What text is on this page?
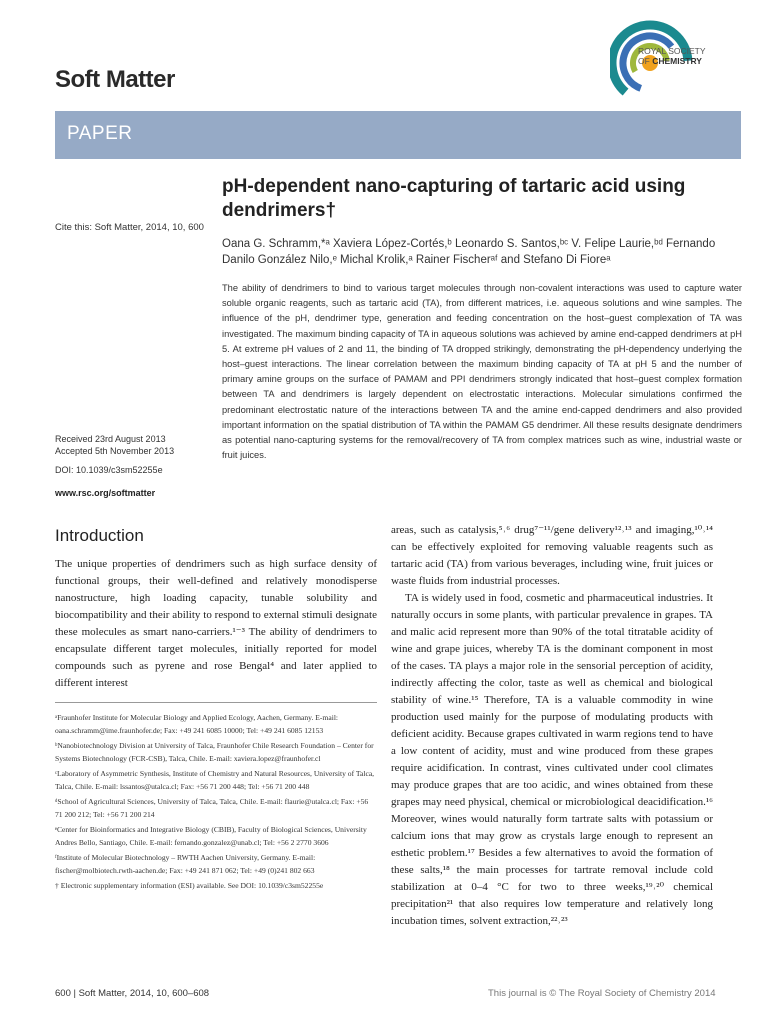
Soft Matter
ROYAL SOCIETY
OF CHEMISTRY
PAPER
pH-dependent nano-capturing of tartaric acid using dendrimers†
Cite this: Soft Matter, 2014, 10, 600
Oana G. Schramm,*ᵃ Xaviera López-Cortés,ᵇ Leonardo S. Santos,ᵇᶜ V. Felipe Laurie,ᵇᵈ Fernando Danilo González Nilo,ᵉ Michal Krolik,ᵃ Rainer Fischerᵃᶠ and Stefano Di Fioreᵃ
The ability of dendrimers to bind to various target molecules through non-covalent interactions was used to capture water soluble organic reagents, such as tartaric acid (TA), from different matrices, i.e. aqueous solutions and wine samples. The influence of the pH, dendrimer type, generation and feeding concentration on the host–guest complexation of TA was investigated. The maximum binding capacity of TA in aqueous solutions was achieved by amine end-capped dendrimers at pH 5. At extreme pH values of 2 and 11, the binding of TA dropped strikingly, demonstrating the pH-dependency underlying the host–guest interactions. The linear correlation between the maximum binding capacity of TA at pH 5 and the number of primary amine groups on the surface of PAMAM and PPI dendrimers strongly indicated that host–guest complex formation between TA and dendrimers is largely dependent on electrostatic interactions. Molecular simulations confirmed the predominant electrostatic nature of the interactions between TA and the amine end-capped dendrimers and also provided important information on the spatial distribution of TA within the PAMAM G5 dendrimer. All these results designate dendrimers as potential nano-capturing systems for the removal/recovery of TA from complex matrices such as wine, industrial waste or fruit juices.
Received 23rd August 2013
Accepted 5th November 2013
DOI: 10.1039/c3sm52255e
www.rsc.org/softmatter
Introduction

The unique properties of dendrimers such as high surface density of functional groups, their well-defined and relatively monodisperse nanostructure, high loading capacity, tunable solubility and biocompatibility and their ability to respond to external stimuli designate these molecules as smart nano-carriers.¹⁻³ The ability of dendrimers to encapsulate different target molecules, initially reported for model compounds such as pyrene and rose Bengal⁴ and later applied to different interest

ᵃFraunhofer Institute for Molecular Biology and Applied Ecology, Aachen, Germany. E-mail: oana.schramm@ime.fraunhofer.de; Fax: +49 241 6085 10000; Tel: +49 241 6085 12153
ᵇNanobiotechnology Division at University of Talca, Fraunhofer Chile Research Foundation – Center for Systems Biotechnology (FCR-CSB), Talca, Chile. E-mail: xaviera.lopez@fraunhofer.cl
ᶜLaboratory of Asymmetric Synthesis, Institute of Chemistry and Natural Resources, University of Talca, Talca, Chile. E-mail: lssantos@utalca.cl; Fax: +56 71 200 448; Tel: +56 71 200 448
ᵈSchool of Agricultural Sciences, University of Talca, Talca, Chile. E-mail: flaurie@utalca.cl; Fax: +56 71 200 212; Tel: +56 71 200 214
ᵉCenter for Bioinformatics and Integrative Biology (CBIB), Faculty of Biological Sciences, University Andres Bello, Santiago, Chile. E-mail: fernando.gonzalez@unab.cl; Tel: +56 2 2770 3606
ᶠInstitute of Molecular Biotechnology – RWTH Aachen University, Germany. E-mail: fischer@molbiotech.rwth-aachen.de; Fax: +49 241 871 062; Tel: +49 (0)241 802 663
† Electronic supplementary information (ESI) available. See DOI: 10.1039/c3sm52255e

areas, such as catalysis,⁵˒⁶ drug⁷⁻¹¹/gene delivery¹²˒¹³ and imaging,¹⁰˒¹⁴ can be effectively exploited for removing valuable reagents such as tartaric acid (TA) from various beverages, including wine, fruit juices or waste fluids from industrial processes.

TA is widely used in food, cosmetic and pharmaceutical industries. It naturally occurs in some plants, with particular prevalence in grapes. TA and malic acid represent more than 90% of the total titratable acidity of wine and grape juices, whereby TA is the dominant component in most of the cases. TA plays a major role in the sensorial perception of acidity, indirectly affecting the color, taste as well as chemical and biological stability of wine.¹⁵ Therefore, TA is a valuable commodity in wine production used mainly for the purpose of modulating products with deficient acidity. Because grapes cultivated in warm regions tend to have a low content of acidity, must and wine produced from these grapes require acidification. In contrast, vines cultivated under cool climates may produce grapes that are too acidic, and wines obtained from these grapes may need physical, chemical or microbiological deacidification.¹⁶ Moreover, wines would naturally form tartrate salts with potassium or calcium ions that may grow as crystals large enough to represent an esthetic problem.¹⁷ Besides a few alternatives to avoid the formation of these salts,¹⁸ the main processes for tartrate removal include cold stabilization at 0–4 °C for two to three weeks,¹⁹˒²⁰ chemical precipitation²¹ that also requires low temperature and relatively long incubation times, solvent extraction,²²˒²³

600 | Soft Matter, 2014, 10, 600–608	This journal is © The Royal Society of Chemistry 2014
